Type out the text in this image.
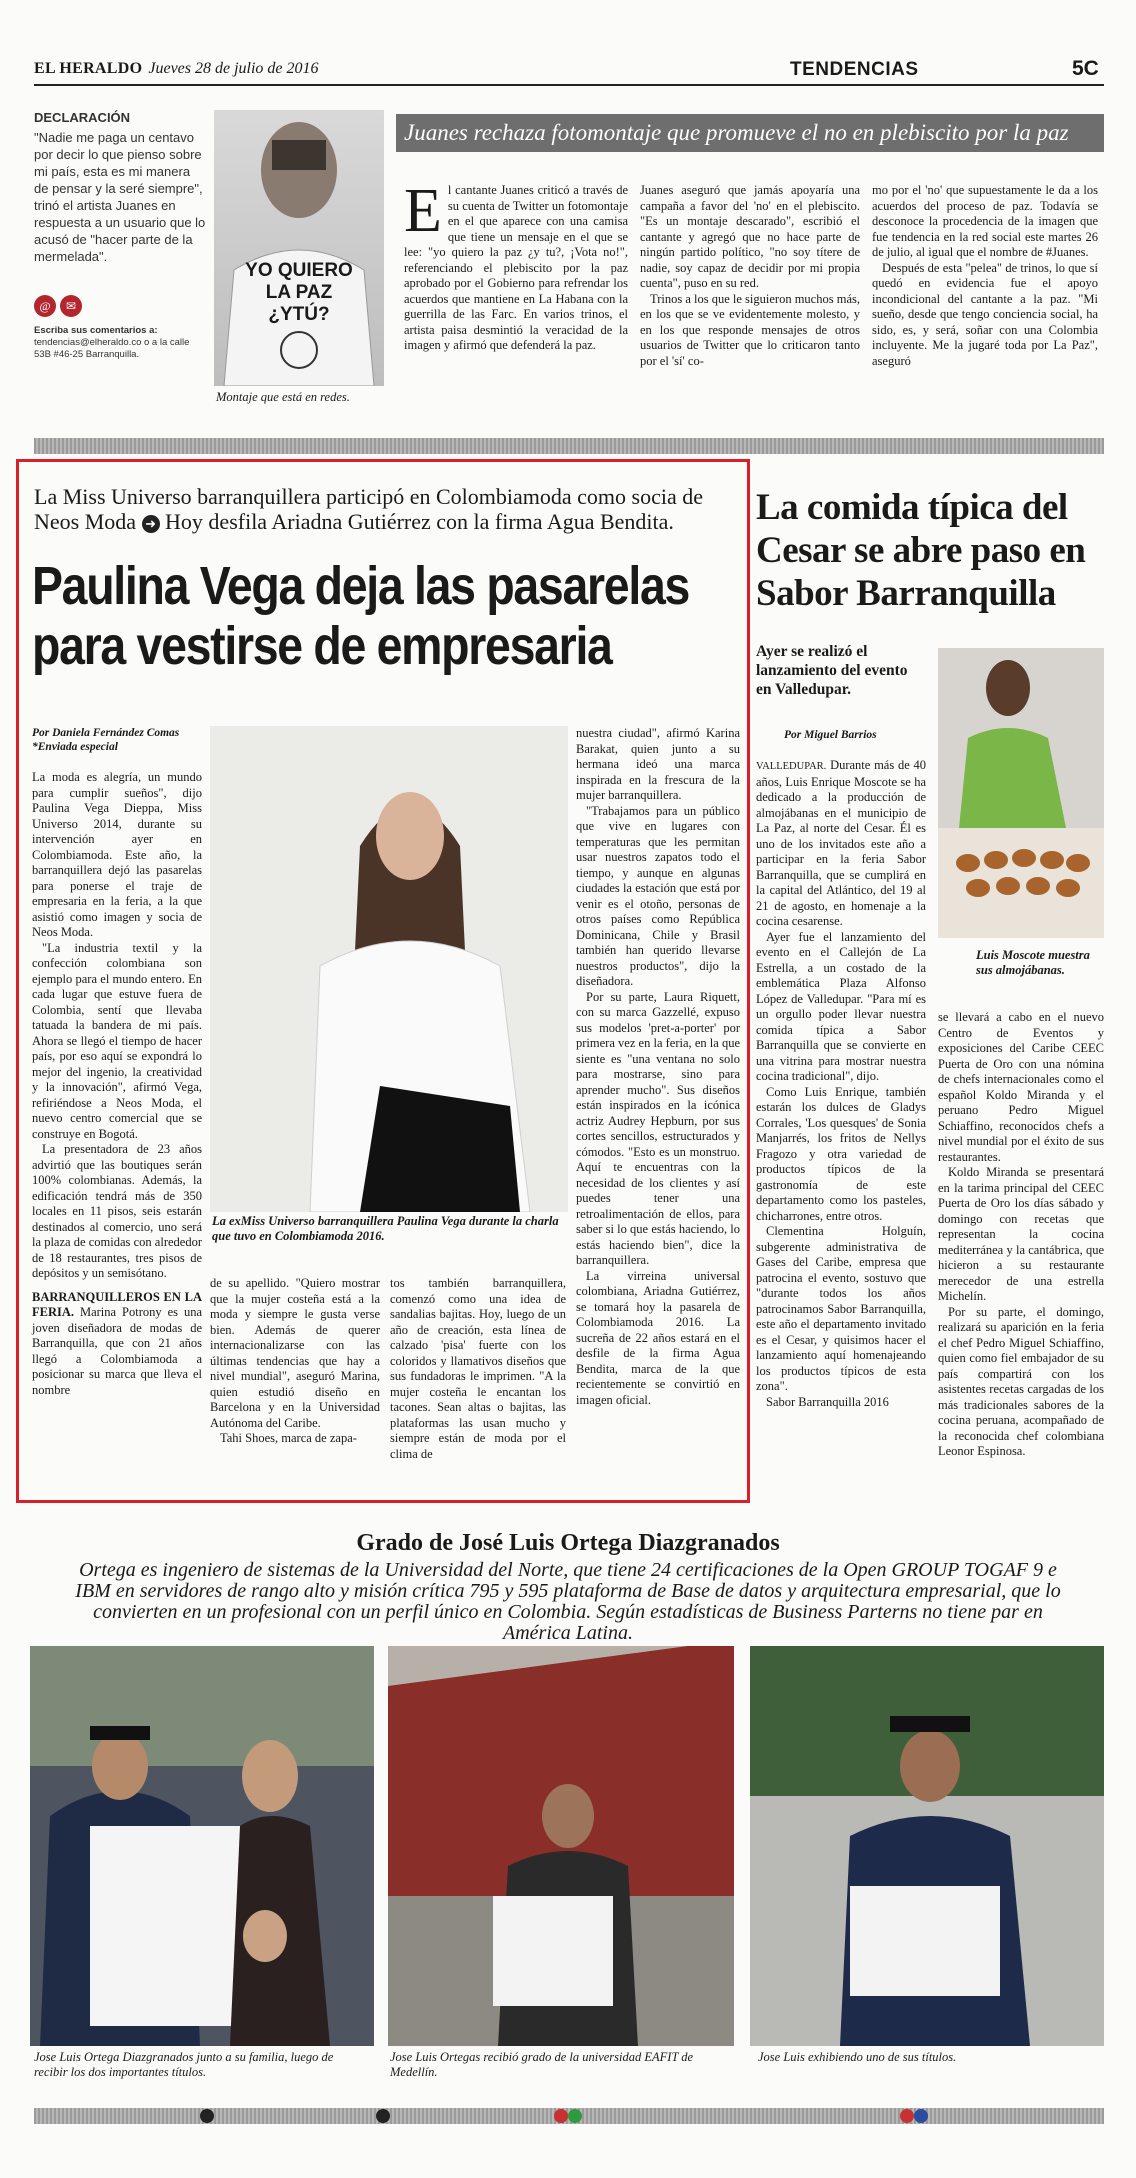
EL HERALDO Jueves 28 de julio de 2016	TENDENCIAS	5C
DECLARACIÓN
"Nadie me paga un centavo por decir lo que pienso sobre mi país, esta es mi manera de pensar y la seré siempre", trinó el artista Juanes en respuesta a un usuario que lo acusó de "hacer parte de la mermelada".
@ ✉
Escriba sus comentarios a:
tendencias@elheraldo.co o a la calle 53B #46-25 Barranquilla.
YO QUIERO
LA PAZ
¿YTÚ?
Montaje que está en redes.
Juanes rechaza fotomontaje que promueve el no en plebiscito por la paz
El cantante Juanes criticó a través de su cuenta de Twitter un fotomontaje en el que aparece con una camisa que tiene un mensaje en el que se lee: "yo quiero la paz ¿y tu?, ¡Vota no!", referenciando el plebiscito por la paz aprobado por el Gobierno para refrendar los acuerdos que mantiene en La Habana con la guerrilla de las Farc. En varios trinos, el artista paisa desmintió la veracidad de la imagen y afirmó que defenderá la paz.

Juanes aseguró que jamás apoyaría una campaña a favor del 'no' en el plebiscito. "Es un montaje descarado", escribió el cantante y agregó que no hace parte de ningún partido político, "no soy títere de nadie, soy capaz de decidir por mi propia cuenta", puso en su red.

Trinos a los que le siguieron muchos más, en los que se ve evidentemente molesto, y en los que responde mensajes de otros usuarios de Twitter que lo criticaron tanto por el 'sí' co-

mo por el 'no' que supuestamente le da a los acuerdos del proceso de paz. Todavía se desconoce la procedencia de la imagen que fue tendencia en la red social este martes 26 de julio, al igual que el nombre de #Juanes.

Después de esta "pelea" de trinos, lo que sí quedó en evidencia fue el apoyo incondicional del cantante a la paz. "Mi sueño, desde que tengo conciencia social, ha sido, es, y será, soñar con una Colombia incluyente. Me la jugaré toda por La Paz", aseguró

La Miss Universo barranquillera participó en Colombiamoda como socia de
Neos Moda ➜ Hoy desfila Ariadna Gutiérrez con la firma Agua Bendita.
Paulina Vega deja las pasarelas
para vestirse de empresaria
Por Daniela Fernández Comas *Enviada especial

La moda es alegría, un mundo para cumplir sueños", dijo Paulina Vega Dieppa, Miss Universo 2014, durante su intervención ayer en Colombiamoda. Este año, la barranquillera dejó las pasarelas para ponerse el traje de empresaria en la feria, a la que asistió como imagen y socia de Neos Moda.

"La industria textil y la confección colombiana son ejemplo para el mundo entero. En cada lugar que estuve fuera de Colombia, sentí que llevaba tatuada la bandera de mi país. Ahora se llegó el tiempo de hacer país, por eso aquí se expondrá lo mejor del ingenio, la creatividad y la innovación", afirmó Vega, refiriéndose a Neos Moda, el nuevo centro comercial que se construye en Bogotá.

La presentadora de 23 años advirtió que las boutiques serán 100% colombianas. Además, la edificación tendrá más de 350 locales en 11 pisos, seis estarán destinados al comercio, uno será la plaza de comidas con alrededor de 18 restaurantes, tres pisos de depósitos y un semisótano.

BARRANQUILLEROS EN LA FERIA. Marina Potrony es una joven diseñadora de modas de Barranquilla, que con 21 años llegó a Colombiamoda a posicionar su marca que lleva el nombre

La exMiss Universo barranquillera Paulina Vega durante la charla que tuvo en Colombiamoda 2016.

de su apellido. "Quiero mostrar que la mujer costeña está a la moda y siempre le gusta verse bien. Además de querer internacionalizarse con las últimas tendencias que hay a nivel mundial", aseguró Marina, quien estudió diseño en Barcelona y en la Universidad Autónoma del Caribe.

Tahi Shoes, marca de zapa-

tos también barranquillera, comenzó como una idea de sandalias bajitas. Hoy, luego de un año de creación, esta línea de calzado 'pisa' fuerte con los coloridos y llamativos diseños que sus fundadoras le imprimen. "A la mujer costeña le encantan los tacones. Sean altas o bajitas, las plataformas las usan mucho y siempre están de moda por el clima de

nuestra ciudad", afirmó Karina Barakat, quien junto a su hermana ideó una marca inspirada en la frescura de la mujer barranquillera.

"Trabajamos para un público que vive en lugares con temperaturas que les permitan usar nuestros zapatos todo el tiempo, y aunque en algunas ciudades la estación que está por venir es el otoño, personas de otros países como República Dominicana, Chile y Brasil también han querido llevarse nuestros productos", dijo la diseñadora.

Por su parte, Laura Riquett, con su marca Gazzellé, expuso sus modelos 'pret-a-porter' por primera vez en la feria, en la que siente es "una ventana no solo para mostrarse, sino para aprender mucho". Sus diseños están inspirados en la icónica actriz Audrey Hepburn, por sus cortes sencillos, estructurados y cómodos. "Esto es un monstruo. Aquí te encuentras con la necesidad de los clientes y así puedes tener una retroalimentación de ellos, para saber si lo que estás haciendo, lo estás haciendo bien", dice la barranquillera.

La virreina universal colombiana, Ariadna Gutiérrez, se tomará hoy la pasarela de Colombiamoda 2016. La sucreña de 22 años estará en el desfile de la firma Agua Bendita, marca de la que recientemente se convirtió en imagen oficial.

La comida típica del Cesar se abre paso en Sabor Barranquilla
Ayer se realizó el lanzamiento del evento en Valledupar.
Por Miguel Barrios
Luis Moscote muestra sus almojábanas.

VALLEDUPAR. Durante más de 40 años, Luis Enrique Moscote se ha dedicado a la producción de almojábanas en el municipio de La Paz, al norte del Cesar. Él es uno de los invitados este año a participar en la feria Sabor Barranquilla, que se cumplirá en la capital del Atlántico, del 19 al 21 de agosto, en homenaje a la cocina cesarense.

Ayer fue el lanzamiento del evento en el Callejón de La Estrella, a un costado de la emblemática Plaza Alfonso López de Valledupar. "Para mí es un orgullo poder llevar nuestra comida típica a Sabor Barranquilla que se convierte en una vitrina para mostrar nuestra cocina tradicional", dijo.

Como Luis Enrique, también estarán los dulces de Gladys Corrales, 'Los quesques' de Sonia Manjarrés, los fritos de Nellys Fragozo y otra variedad de productos típicos de la gastronomía de este departamento como los pasteles, chicharrones, entre otros.

Clementina Holguín, subgerente administrativa de Gases del Caribe, empresa que patrocina el evento, sostuvo que "durante todos los años patrocinamos Sabor Barranquilla, este año el departamento invitado es el Cesar, y quisimos hacer el lanzamiento aquí homenajeando los productos típicos de esta zona".

Sabor Barranquilla 2016

se llevará a cabo en el nuevo Centro de Eventos y exposiciones del Caribe CEEC Puerta de Oro con una nómina de chefs internacionales como el español Koldo Miranda y el peruano Pedro Miguel Schiaffino, reconocidos chefs a nivel mundial por el éxito de sus restaurantes.

Koldo Miranda se presentará en la tarima principal del CEEC Puerta de Oro los días sábado y domingo con recetas que representan la cocina mediterránea y la cantábrica, que hicieron a su restaurante merecedor de una estrella Michelín.

Por su parte, el domingo, realizará su aparición en la feria el chef Pedro Miguel Schiaffino, quien como fiel embajador de su país compartirá con los asistentes recetas cargadas de los más tradicionales sabores de la cocina peruana, acompañado de la reconocida chef colombiana Leonor Espinosa.

Grado de José Luis Ortega Diazgranados
Ortega es ingeniero de sistemas de la Universidad del Norte, que tiene 24 certificaciones de la Open GROUP TOGAF 9 e IBM en servidores de rango alto y misión crítica 795 y 595 plataforma de Base de datos y arquitectura empresarial, que lo convierten en un profesional con un perfil único en Colombia. Según estadísticas de Business Parterns no tiene par en América Latina.
Jose Luis Ortega Diazgranados junto a su familia, luego de recibir los dos importantes títulos.
Jose Luis Ortegas recibió grado de la universidad EAFIT de Medellín.
Jose Luis exhibiendo uno de sus títulos.
